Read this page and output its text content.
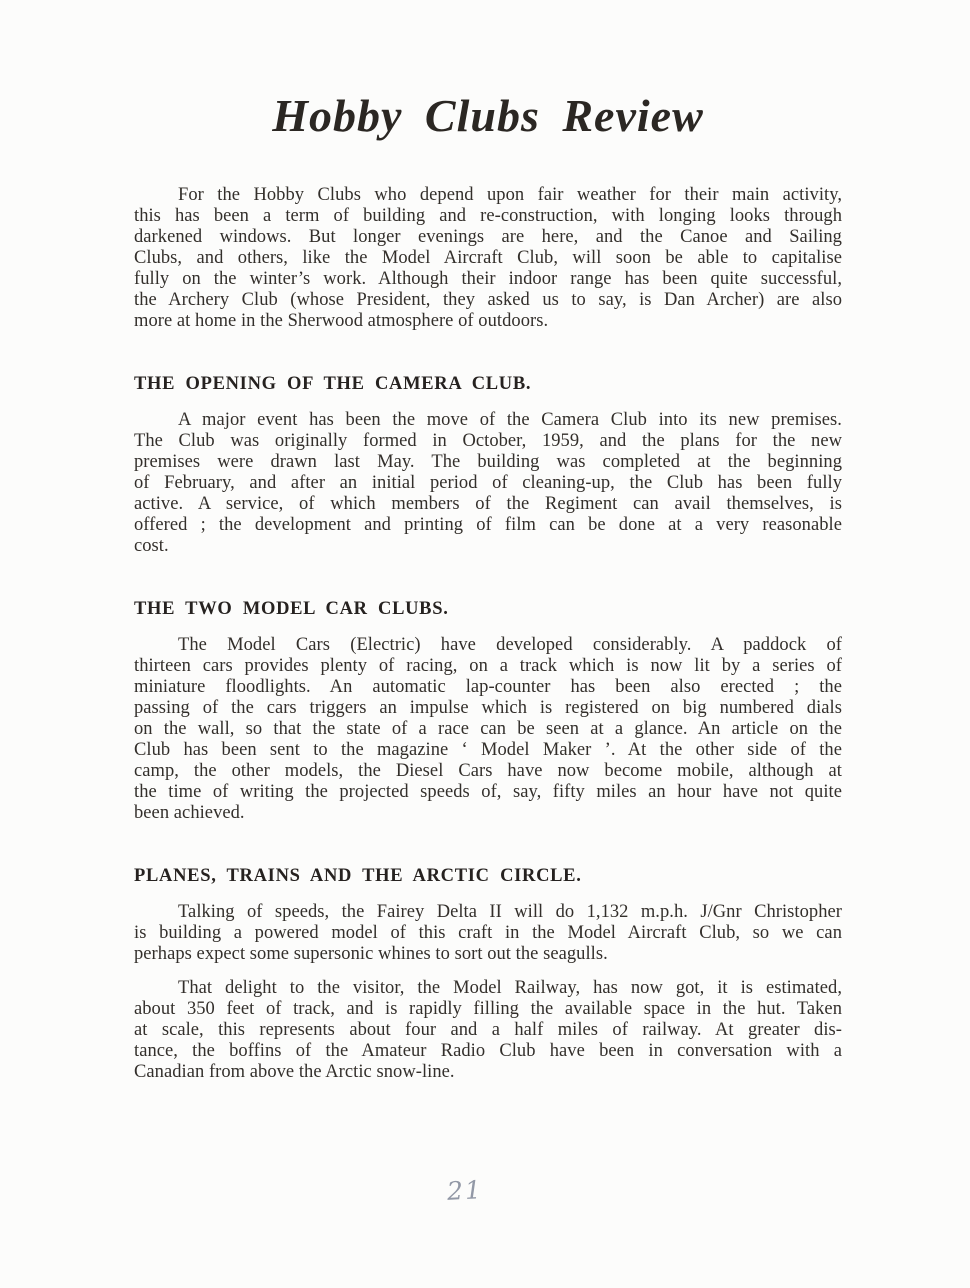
Hobby Clubs Review
For the Hobby Clubs who depend upon fair weather for their main activity,
this has been a term of building and re-construction, with longing looks through
darkened windows. But longer evenings are here, and the Canoe and Sailing
Clubs, and others, like the Model Aircraft Club, will soon be able to capitalise
fully on the winter’s work. Although their indoor range has been quite successful,
the Archery Club (whose President, they asked us to say, is Dan Archer) are also
more at home in the Sherwood atmosphere of outdoors.
THE OPENING OF THE CAMERA CLUB.
A major event has been the move of the Camera Club into its new premises.
The Club was originally formed in October, 1959, and the plans for the new
premises were drawn last May. The building was completed at the beginning
of February, and after an initial period of cleaning-up, the Club has been fully
active. A service, of which members of the Regiment can avail themselves, is
offered ; the development and printing of film can be done at a very reasonable
cost.
THE TWO MODEL CAR CLUBS.
The Model Cars (Electric) have developed considerably. A paddock of
thirteen cars provides plenty of racing, on a track which is now lit by a series of
miniature floodlights. An automatic lap-counter has been also erected ; the
passing of the cars triggers an impulse which is registered on big numbered dials
on the wall, so that the state of a race can be seen at a glance. An article on the
Club has been sent to the magazine ‘ Model Maker ’. At the other side of the
camp, the other models, the Diesel Cars have now become mobile, although at
the time of writing the projected speeds of, say, fifty miles an hour have not quite
been achieved.
PLANES, TRAINS AND THE ARCTIC CIRCLE.
Talking of speeds, the Fairey Delta II will do 1,132 m.p.h. J/Gnr Christopher
is building a powered model of this craft in the Model Aircraft Club, so we can
perhaps expect some supersonic whines to sort out the seagulls.
That delight to the visitor, the Model Railway, has now got, it is estimated,
about 350 feet of track, and is rapidly filling the available space in the hut. Taken
at scale, this represents about four and a half miles of railway. At greater dis-
tance, the boffins of the Amateur Radio Club have been in conversation with a
Canadian from above the Arctic snow-line.
21
